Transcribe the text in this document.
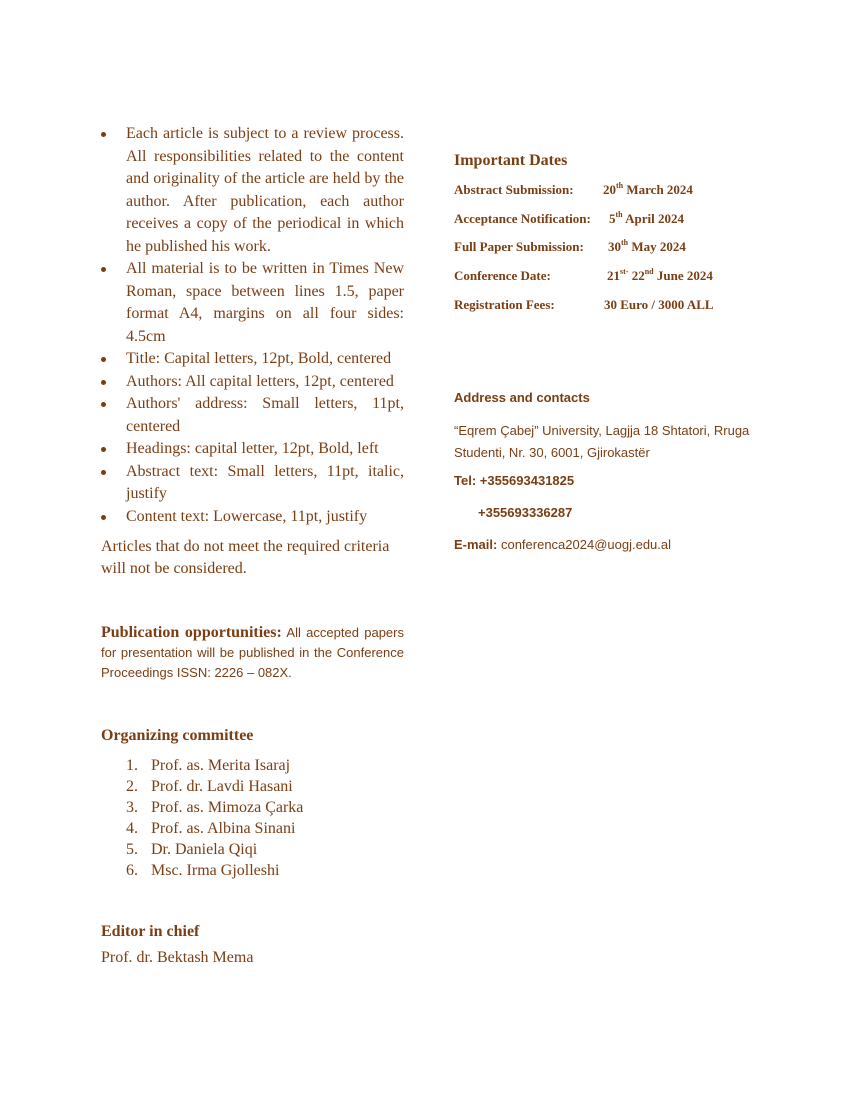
Each article is subject to a review process. All responsibilities related to the content and originality of the article are held by the author. After publication, each author receives a copy of the periodical in which he published his work.
All material is to be written in Times New Roman, space between lines 1.5, paper format A4, margins on all four sides: 4.5cm
Title: Capital letters, 12pt, Bold, centered
Authors: All capital letters, 12pt, centered
Authors' address: Small letters, 11pt, centered
Headings: capital letter, 12pt, Bold, left
Abstract text: Small letters, 11pt, italic, justify
Content text: Lowercase, 11pt, justify
Articles that do not meet the required criteria will not be considered.
Publication opportunities: All accepted papers for presentation will be published in the Conference Proceedings ISSN: 2226 – 082X.
Organizing committee
1. Prof. as. Merita Isaraj
2. Prof. dr. Lavdi Hasani
3. Prof. as. Mimoza Çarka
4. Prof. as. Albina Sinani
5. Dr. Daniela Qiqi
6. Msc. Irma Gjolleshi
Editor in chief
Prof. dr. Bektash Mema
Important Dates
Abstract Submission:	20th March 2024
Acceptance Notification:	5th April 2024
Full Paper Submission:	30th May 2024
Conference Date:	$21^{st-}$ 22nd June 2024
Registration Fees:	30 Euro / 3000 ALL
Address and contacts
“Eqrem Çabej” University, Lagjja 18 Shtatori, Rruga Studenti, Nr. 30, 6001, Gjirokastër
Tel: +355693431825
+355693336287
E-mail: conferenca2024@uogj.edu.al
